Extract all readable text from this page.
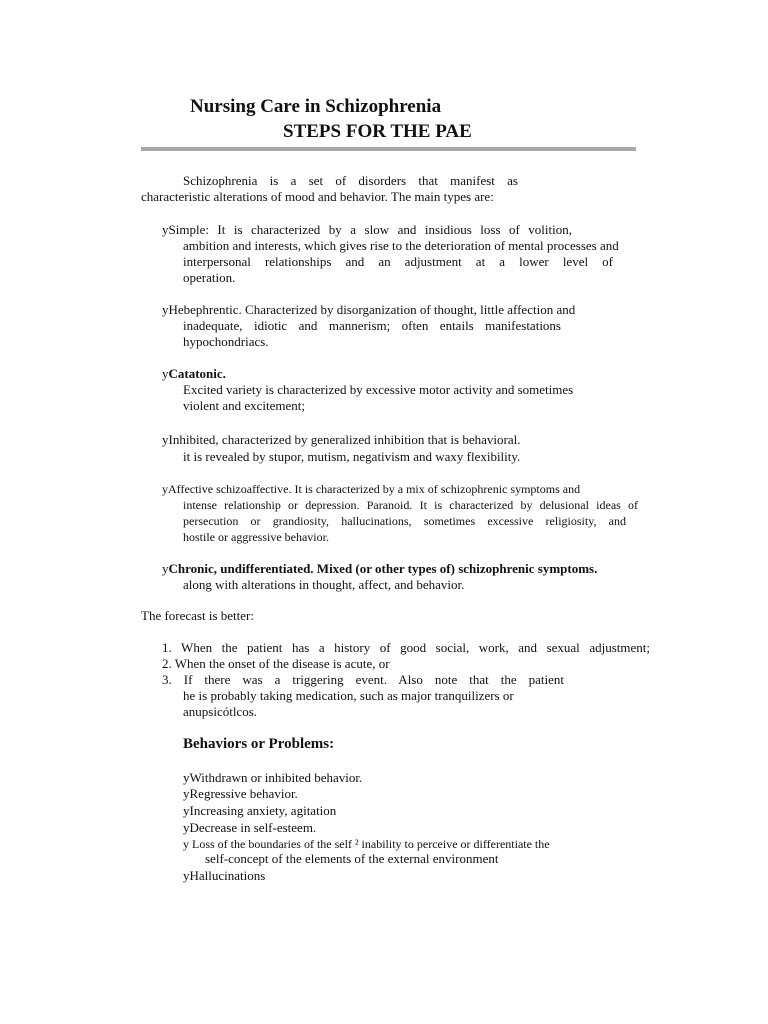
Nursing Care in Schizophrenia
STEPS FOR THE PAE
Schizophrenia is a set of disorders that manifest as
characteristic alterations of mood and behavior. The main types are:
ySimple: It is characterized by a slow and insidious loss of volition,
ambition and interests, which gives rise to the deterioration of mental processes and
interpersonal relationships and an adjustment at a lower level of
operation.
yHebephrentic. Characterized by disorganization of thought, little affection and
inadequate, idiotic and mannerism; often entails manifestations
hypochondriacs.
yCatatonic.
Excited variety is characterized by excessive motor activity and sometimes
violent and excitement;
yInhibited, characterized by generalized inhibition that is behavioral.
it is revealed by stupor, mutism, negativism and waxy flexibility.
yAffective schizoaffective. It is characterized by a mix of schizophrenic symptoms and
intense relationship or depression. Paranoid. It is characterized by delusional ideas of
persecution or grandiosity, hallucinations, sometimes excessive religiosity, and
hostile or aggressive behavior.
yChronic, undifferentiated. Mixed (or other types of) schizophrenic symptoms.
along with alterations in thought, affect, and behavior.
The forecast is better:
1. When the patient has a history of good social, work, and sexual adjustment;
2. When the onset of the disease is acute, or
3. If there was a triggering event. Also note that the patient
he is probably taking medication, such as major tranquilizers or
anupsicótlcos.
Behaviors or Problems:
yWithdrawn or inhibited behavior.
yRegressive behavior.
yIncreasing anxiety, agitation
yDecrease in self-esteem.
y Loss of the boundaries of the self ² inability to perceive or differentiate the
self-concept of the elements of the external environment
yHallucinations
